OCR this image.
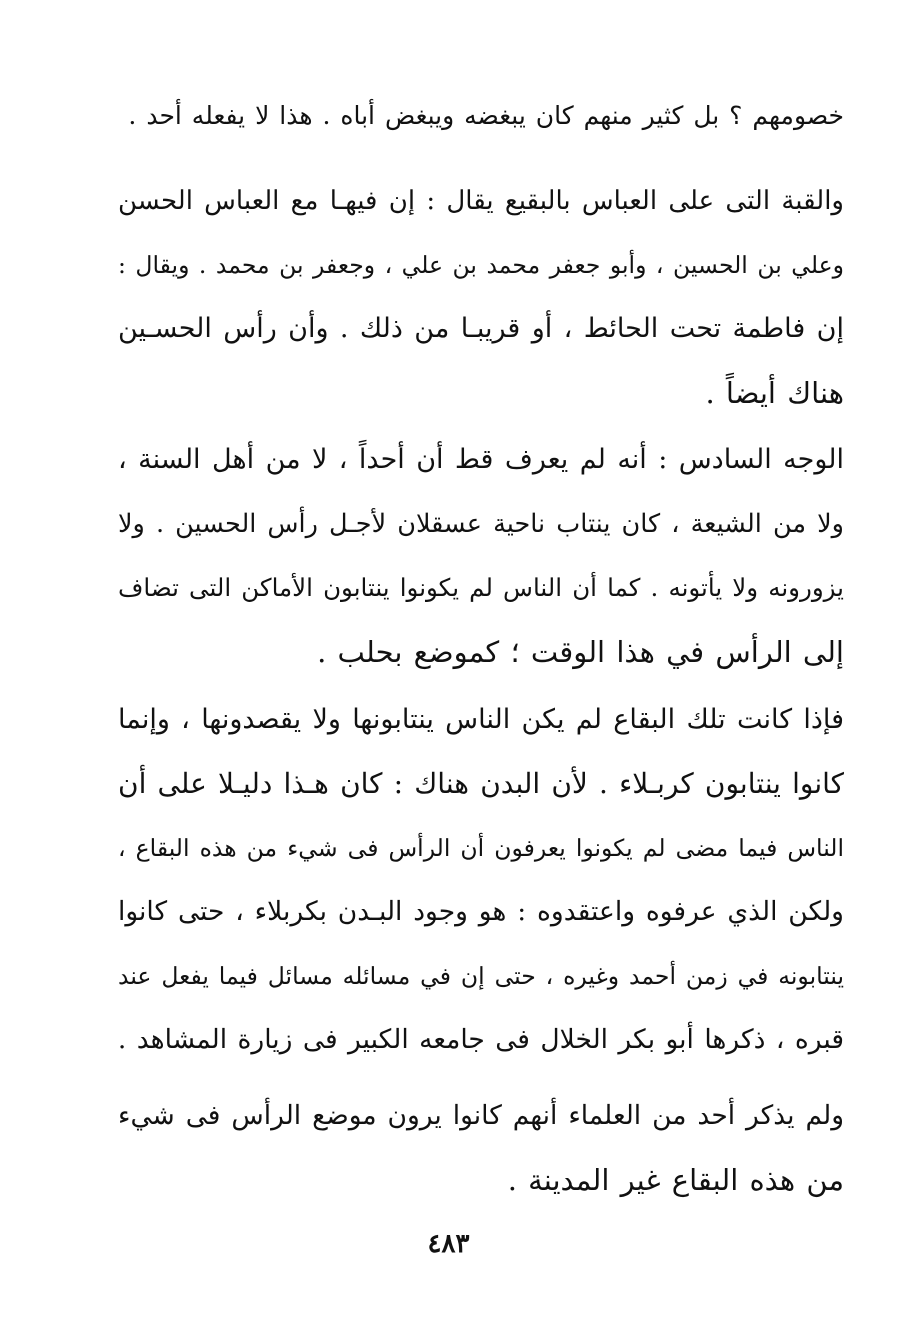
خصومهم ؟ بل كثير منهم كان يبغضه ويبغض أباه . هذا لا يفعله أحد .

والقبة التى على العباس بالبقيع يقال : إن فيهـا مع العباس الحسن
وعلي بن الحسين ، وأبو جعفر محمد بن علي ، وجعفر بن محمد . ويقال :
إن فاطمة تحت الحائط ، أو قريبـا من ذلك . وأن رأس الحسـين
هناك أيضاً .

الوجه السادس : أنه لم يعرف قط أن أحداً ، لا من أهل السنة ،
ولا من الشيعة ، كان ينتاب ناحية عسقلان لأجـل رأس الحسين . ولا
يزورونه ولا يأتونه . كما أن الناس لم يكونوا ينتابون الأماكن التى تضاف
إلى الرأس في هذا الوقت ؛ كموضع بحلب .

فإذا كانت تلك البقاع لم يكن الناس ينتابونها ولا يقصدونها ، وإنما
كانوا ينتابون كربـلاء . لأن البدن هناك : كان هـذا دليـلا على أن
الناس فيما مضى لم يكونوا يعرفون أن الرأس فى شيء من هذه البقاع ،
ولكن الذي عرفوه واعتقدوه : هو وجود البـدن بكربلاء ، حتى كانوا
ينتابونه في زمن أحمد وغيره ، حتى إن في مسائله مسائل فيما يفعل عند
قبره ، ذكرها أبو بكر الخلال فى جامعه الكبير فى زيارة المشاهد .

ولم يذكر أحد من العلماء أنهم كانوا يرون موضع الرأس فى شيء
من هذه البقاع غير المدينة .

٤٨٣
